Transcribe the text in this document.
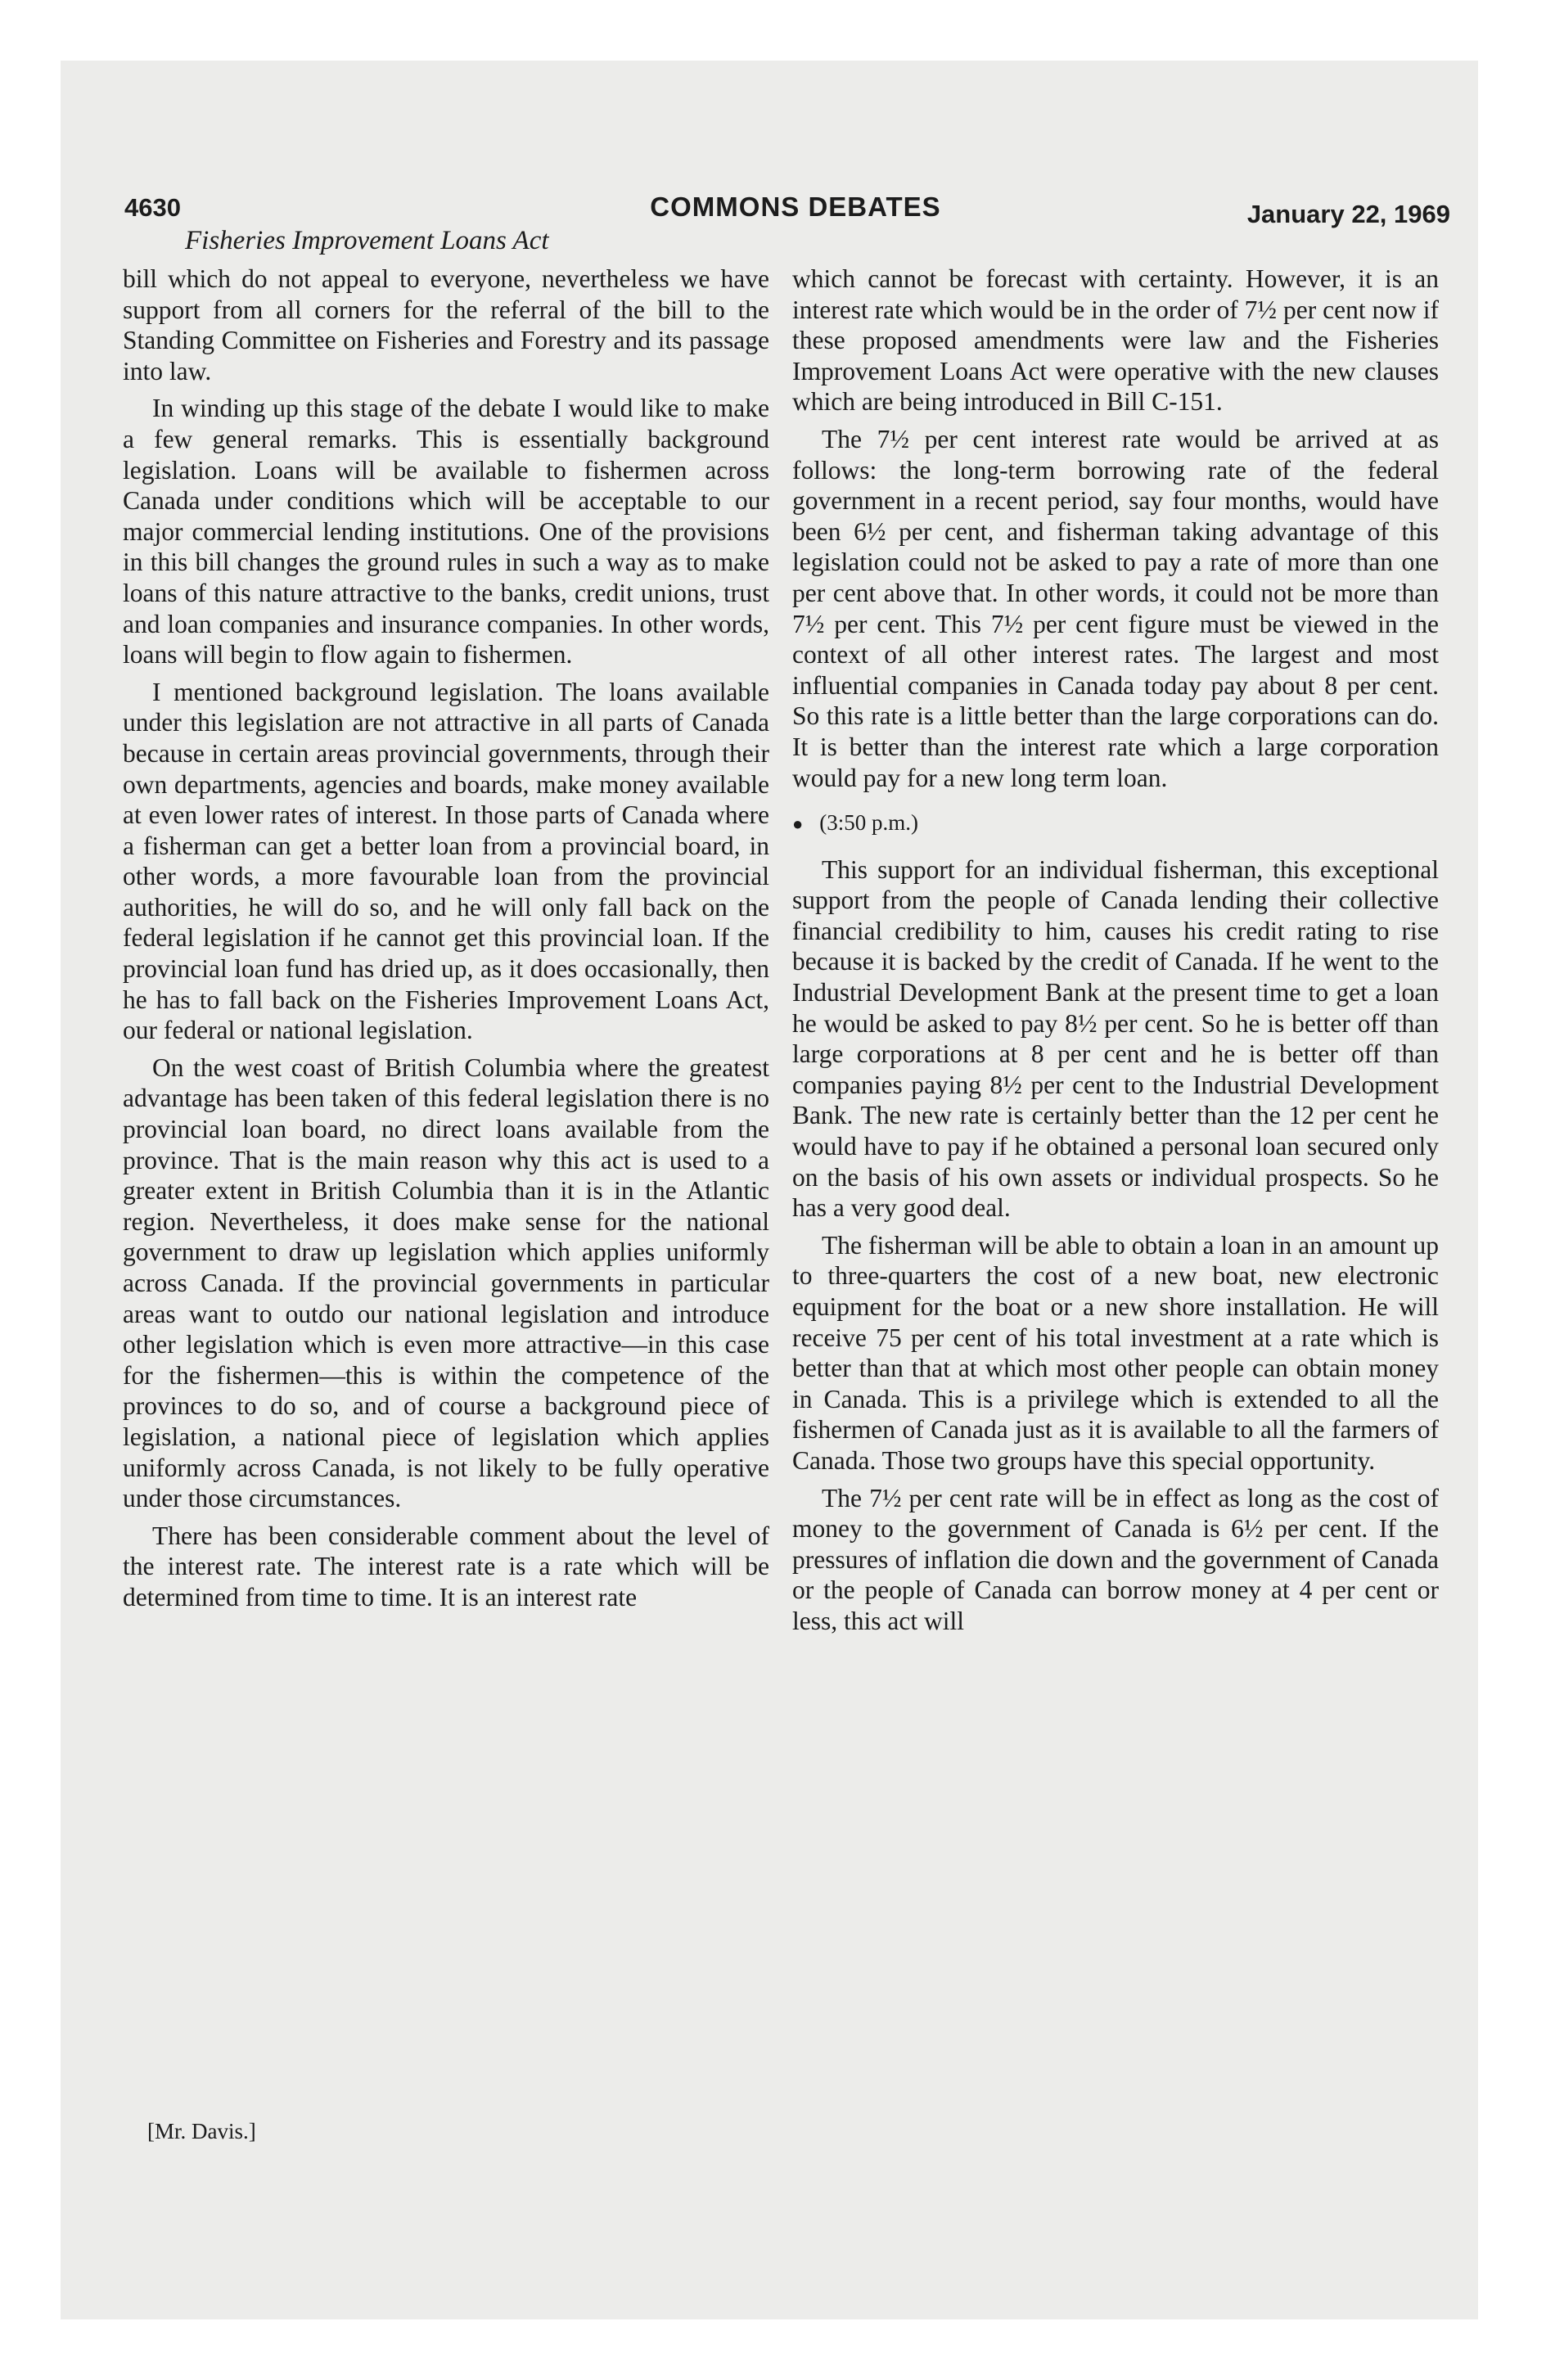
4630	COMMONS DEBATES	January 22, 1969
Fisheries Improvement Loans Act

bill which do not appeal to everyone, nevertheless we have support from all corners for the referral of the bill to the Standing Committee on Fisheries and Forestry and its passage into law.

In winding up this stage of the debate I would like to make a few general remarks. This is essentially background legislation. Loans will be available to fishermen across Canada under conditions which will be acceptable to our major commercial lending institutions. One of the provisions in this bill changes the ground rules in such a way as to make loans of this nature attractive to the banks, credit unions, trust and loan companies and insurance companies. In other words, loans will begin to flow again to fishermen.

I mentioned background legislation. The loans available under this legislation are not attractive in all parts of Canada because in certain areas provincial governments, through their own departments, agencies and boards, make money available at even lower rates of interest. In those parts of Canada where a fisherman can get a better loan from a provincial board, in other words, a more favourable loan from the provincial authorities, he will do so, and he will only fall back on the federal legislation if he cannot get this provincial loan. If the provincial loan fund has dried up, as it does occasionally, then he has to fall back on the Fisheries Improvement Loans Act, our federal or national legislation.

On the west coast of British Columbia where the greatest advantage has been taken of this federal legislation there is no provincial loan board, no direct loans available from the province. That is the main reason why this act is used to a greater extent in British Columbia than it is in the Atlantic region. Nevertheless, it does make sense for the national government to draw up legislation which applies uniformly across Canada. If the provincial governments in particular areas want to outdo our national legislation and introduce other legislation which is even more attractive—in this case for the fishermen—this is within the competence of the provinces to do so, and of course a background piece of legislation, a national piece of legislation which applies uniformly across Canada, is not likely to be fully operative under those circumstances.

There has been considerable comment about the level of the interest rate. The interest rate is a rate which will be determined from time to time. It is an interest rate

[Mr. Davis.]

which cannot be forecast with certainty. However, it is an interest rate which would be in the order of 7½ per cent now if these proposed amendments were law and the Fisheries Improvement Loans Act were operative with the new clauses which are being introduced in Bill C-151.

The 7½ per cent interest rate would be arrived at as follows: the long-term borrowing rate of the federal government in a recent period, say four months, would have been 6½ per cent, and fisherman taking advantage of this legislation could not be asked to pay a rate of more than one per cent above that. In other words, it could not be more than 7½ per cent. This 7½ per cent figure must be viewed in the context of all other interest rates. The largest and most influential companies in Canada today pay about 8 per cent. So this rate is a little better than the large corporations can do. It is better than the interest rate which a large corporation would pay for a new long term loan.

● (3:50 p.m.)

This support for an individual fisherman, this exceptional support from the people of Canada lending their collective financial credibility to him, causes his credit rating to rise because it is backed by the credit of Canada. If he went to the Industrial Development Bank at the present time to get a loan he would be asked to pay 8½ per cent. So he is better off than large corporations at 8 per cent and he is better off than companies paying 8½ per cent to the Industrial Development Bank. The new rate is certainly better than the 12 per cent he would have to pay if he obtained a personal loan secured only on the basis of his own assets or individual prospects. So he has a very good deal.

The fisherman will be able to obtain a loan in an amount up to three-quarters the cost of a new boat, new electronic equipment for the boat or a new shore installation. He will receive 75 per cent of his total investment at a rate which is better than that at which most other people can obtain money in Canada. This is a privilege which is extended to all the fishermen of Canada just as it is available to all the farmers of Canada. Those two groups have this special opportunity.

The 7½ per cent rate will be in effect as long as the cost of money to the government of Canada is 6½ per cent. If the pressures of inflation die down and the government of Canada or the people of Canada can borrow money at 4 per cent or less, this act will
